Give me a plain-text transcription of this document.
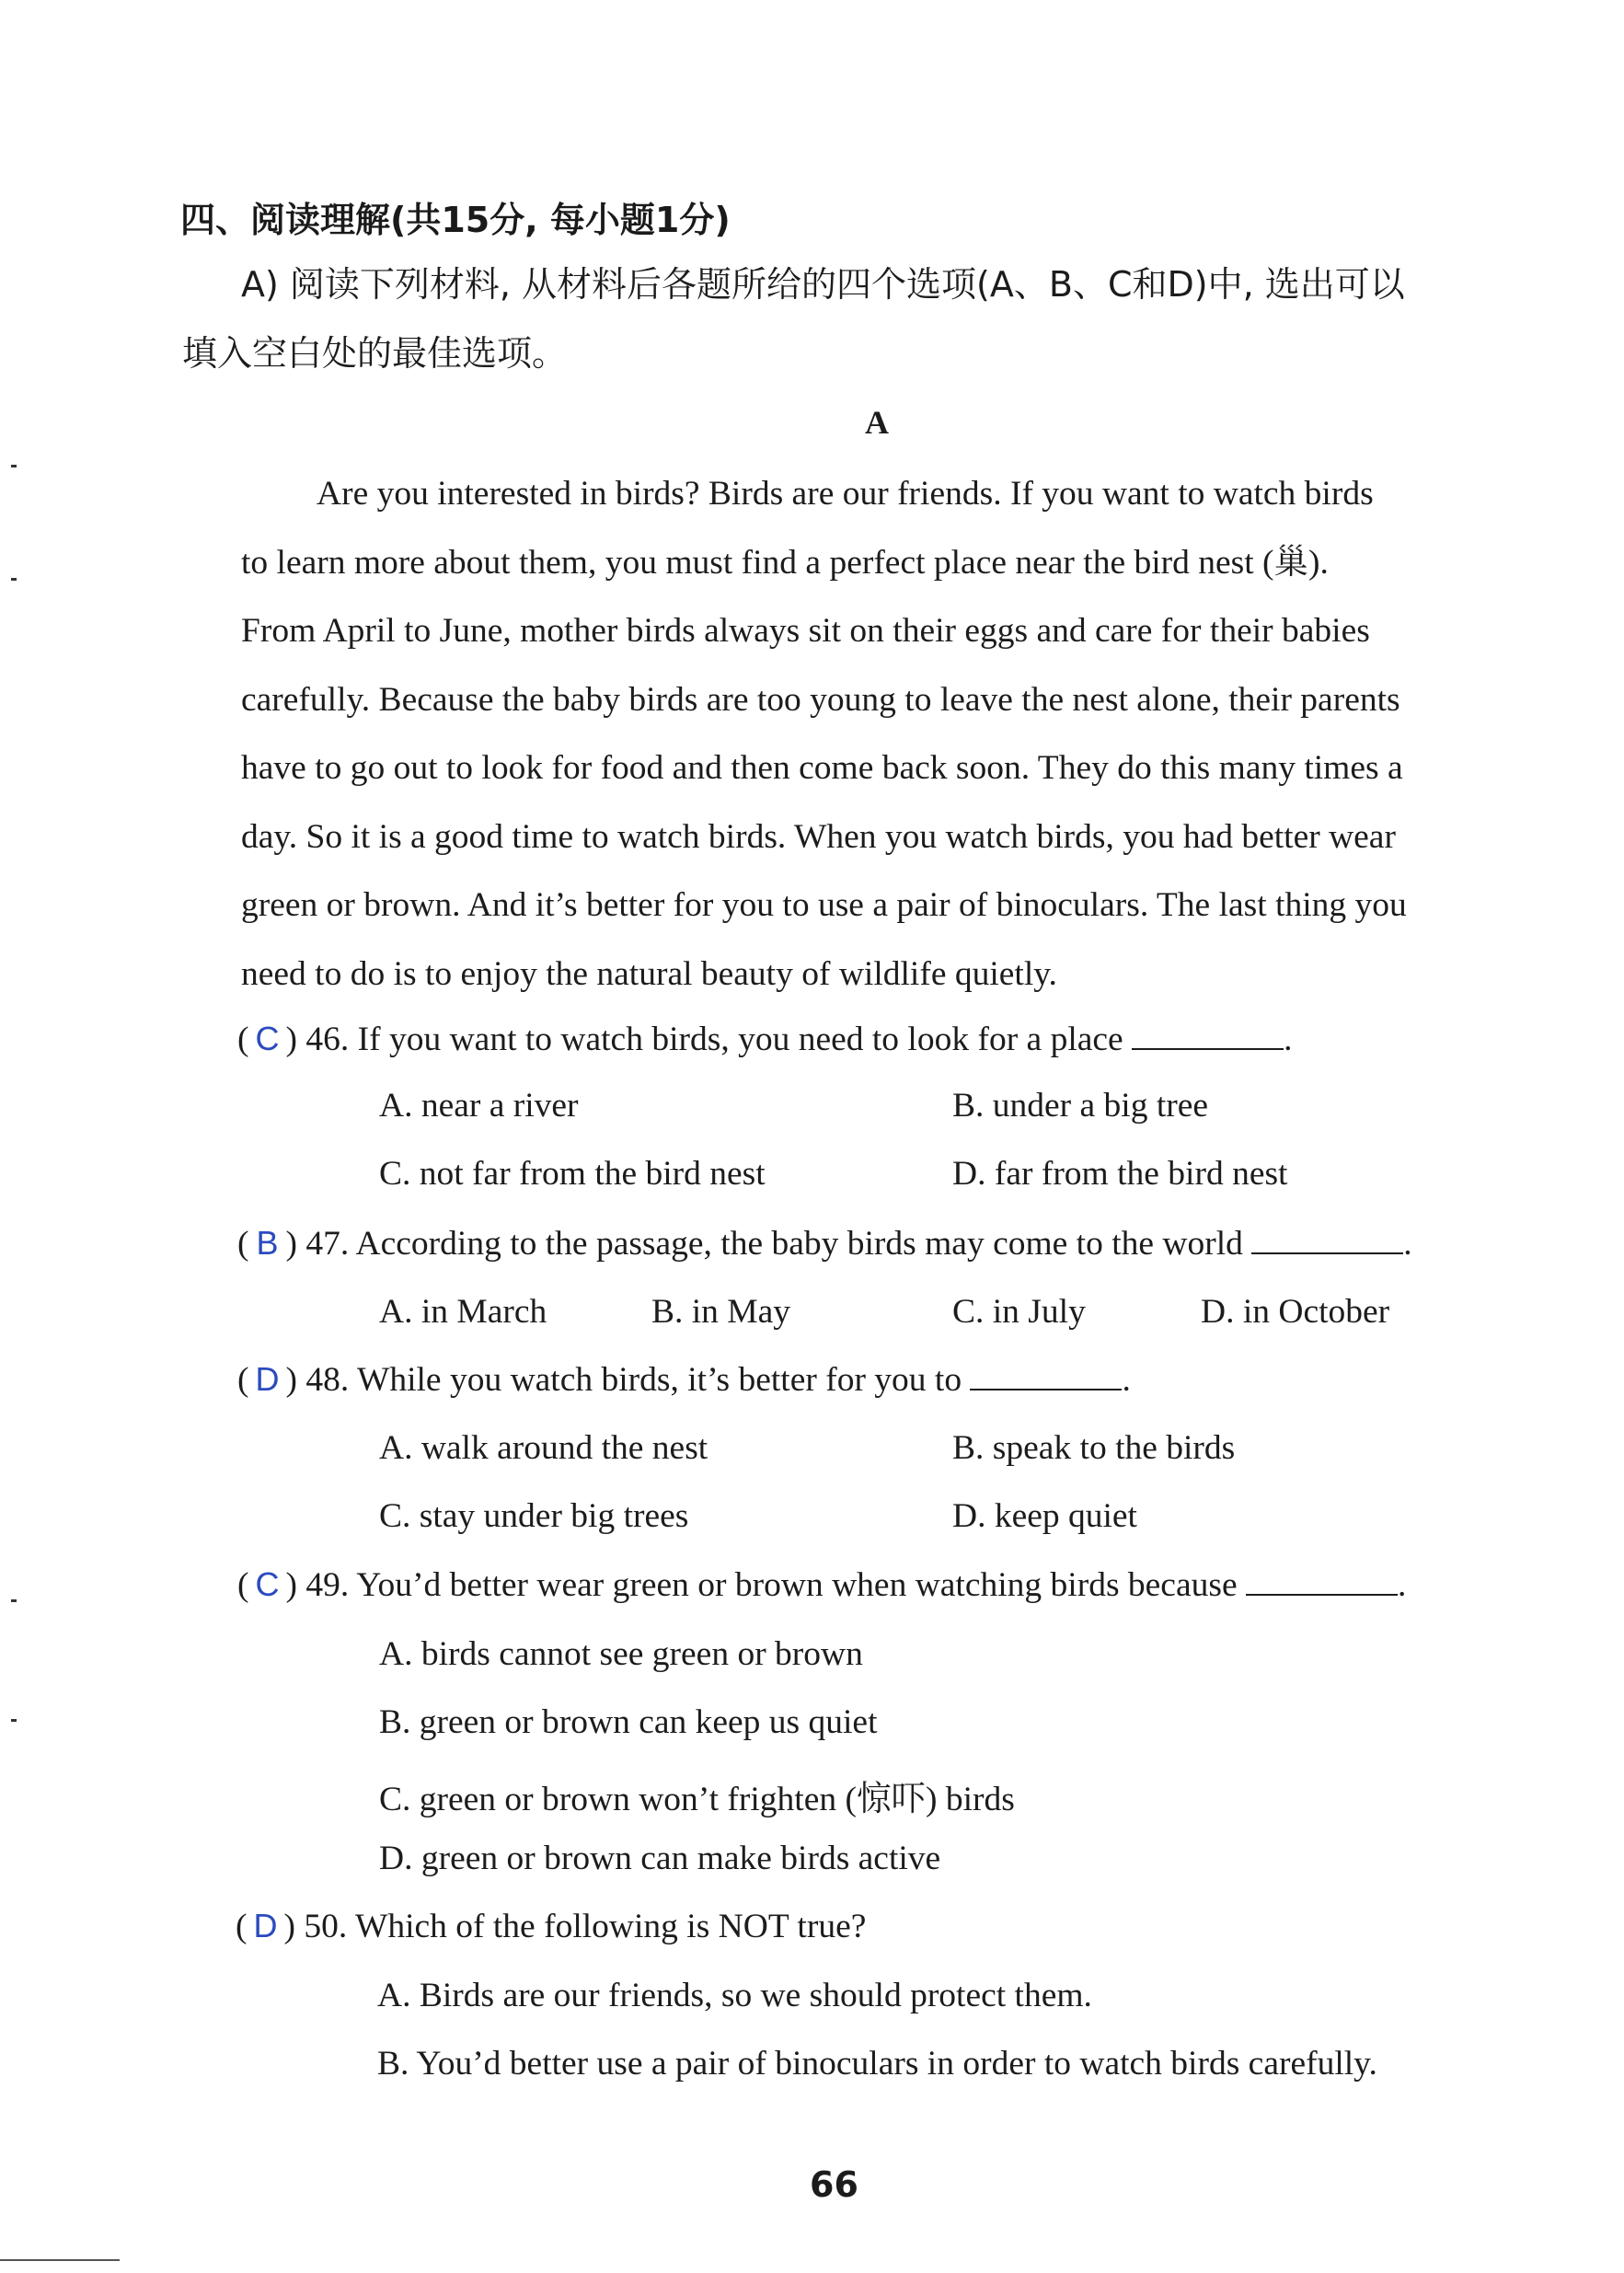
四、阅读理解(共15分, 每小题1分)
A) 阅读下列材料, 从材料后各题所给的四个选项(A、B、C和D)中, 选出可以
填入空白处的最佳选项。
A
Are you interested in birds? Birds are our friends. If you want to watch birds
to learn more about them, you must find a perfect place near the bird nest (巢).
From April to June, mother birds always sit on their eggs and care for their babies
carefully. Because the baby birds are too young to leave the nest alone, their parents
have to go out to look for food and then come back soon. They do this many times a
day. So it is a good time to watch birds. When you watch birds, you had better wear
green or brown. And it’s better for you to use a pair of binoculars. The last thing you
need to do is to enjoy the natural beauty of wildlife quietly.
( C ) 46. If you want to watch birds, you need to look for a place	.
A. near a river	B. under a big tree
C. not far from the bird nest	D. far from the bird nest
( B ) 47. According to the passage, the baby birds may come to the world	.
A. in March	B. in May	C. in July	D. in October
( D ) 48. While you watch birds, it’s better for you to	.
A. walk around the nest	B. speak to the birds
C. stay under big trees	D. keep quiet
( C ) 49. You’d better wear green or brown when watching birds because	.
A. birds cannot see green or brown
B. green or brown can keep us quiet
C. green or brown won’t frighten (惊吓) birds
D. green or brown can make birds active
( D ) 50. Which of the following is NOT true?
A. Birds are our friends, so we should protect them.
B. You’d better use a pair of binoculars in order to watch birds carefully.
66
